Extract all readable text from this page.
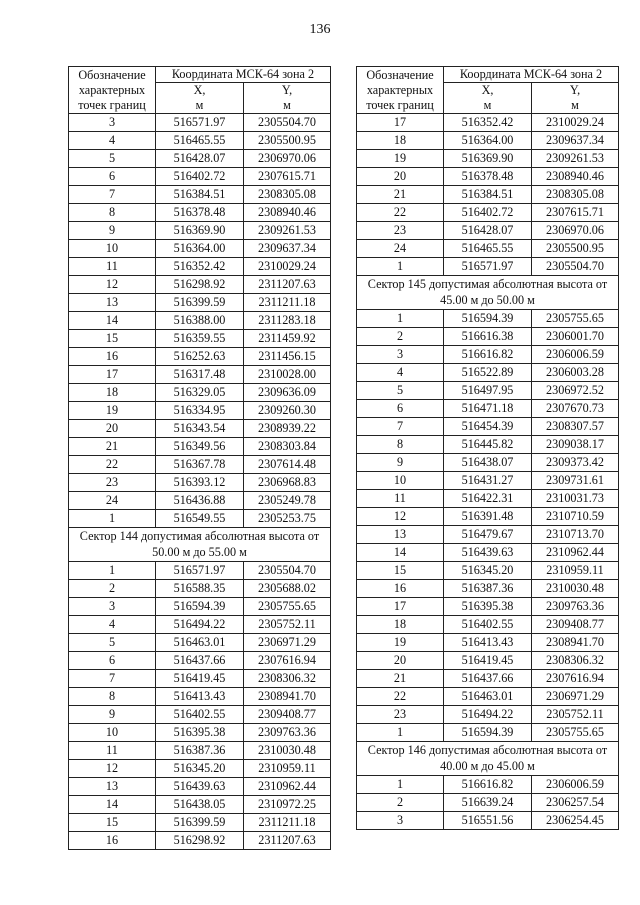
136
Обозначение характерных точек границ	Координата МСК-64 зона 2	
	X,
м	Y,
м
3	516571.97	2305504.70
4	516465.55	2305500.95
5	516428.07	2306970.06
6	516402.72	2307615.71
7	516384.51	2308305.08
8	516378.48	2308940.46
9	516369.90	2309261.53
10	516364.00	2309637.34
11	516352.42	2310029.24
12	516298.92	2311207.63
13	516399.59	2311211.18
14	516388.00	2311283.18
15	516359.55	2311459.92
16	516252.63	2311456.15
17	516317.48	2310028.00
18	516329.05	2309636.09
19	516334.95	2309260.30
20	516343.54	2308939.22
21	516349.56	2308303.84
22	516367.78	2307614.48
23	516393.12	2306968.83
24	516436.88	2305249.78
1	516549.55	2305253.75
Сектор 144 допустимая абсолютная высота от 50.00 м до 55.00 м		
1	516571.97	2305504.70
2	516588.35	2305688.02
3	516594.39	2305755.65
4	516494.22	2305752.11
5	516463.01	2306971.29
6	516437.66	2307616.94
7	516419.45	2308306.32
8	516413.43	2308941.70
9	516402.55	2309408.77
10	516395.38	2309763.36
11	516387.36	2310030.48
12	516345.20	2310959.11
13	516439.63	2310962.44
14	516438.05	2310972.25
15	516399.59	2311211.18
16	516298.92	2311207.63
Обозначение характерных точек границ	Координата МСК-64 зона 2	
	X,
м	Y,
м
17	516352.42	2310029.24
18	516364.00	2309637.34
19	516369.90	2309261.53
20	516378.48	2308940.46
21	516384.51	2308305.08
22	516402.72	2307615.71
23	516428.07	2306970.06
24	516465.55	2305500.95
1	516571.97	2305504.70
Сектор 145 допустимая абсолютная высота от 45.00 м до 50.00 м		
1	516594.39	2305755.65
2	516616.38	2306001.70
3	516616.82	2306006.59
4	516522.89	2306003.28
5	516497.95	2306972.52
6	516471.18	2307670.73
7	516454.39	2308307.57
8	516445.82	2309038.17
9	516438.07	2309373.42
10	516431.27	2309731.61
11	516422.31	2310031.73
12	516391.48	2310710.59
13	516479.67	2310713.70
14	516439.63	2310962.44
15	516345.20	2310959.11
16	516387.36	2310030.48
17	516395.38	2309763.36
18	516402.55	2309408.77
19	516413.43	2308941.70
20	516419.45	2308306.32
21	516437.66	2307616.94
22	516463.01	2306971.29
23	516494.22	2305752.11
1	516594.39	2305755.65
Сектор 146 допустимая абсолютная высота от 40.00 м до 45.00 м		
1	516616.82	2306006.59
2	516639.24	2306257.54
3	516551.56	2306254.45
